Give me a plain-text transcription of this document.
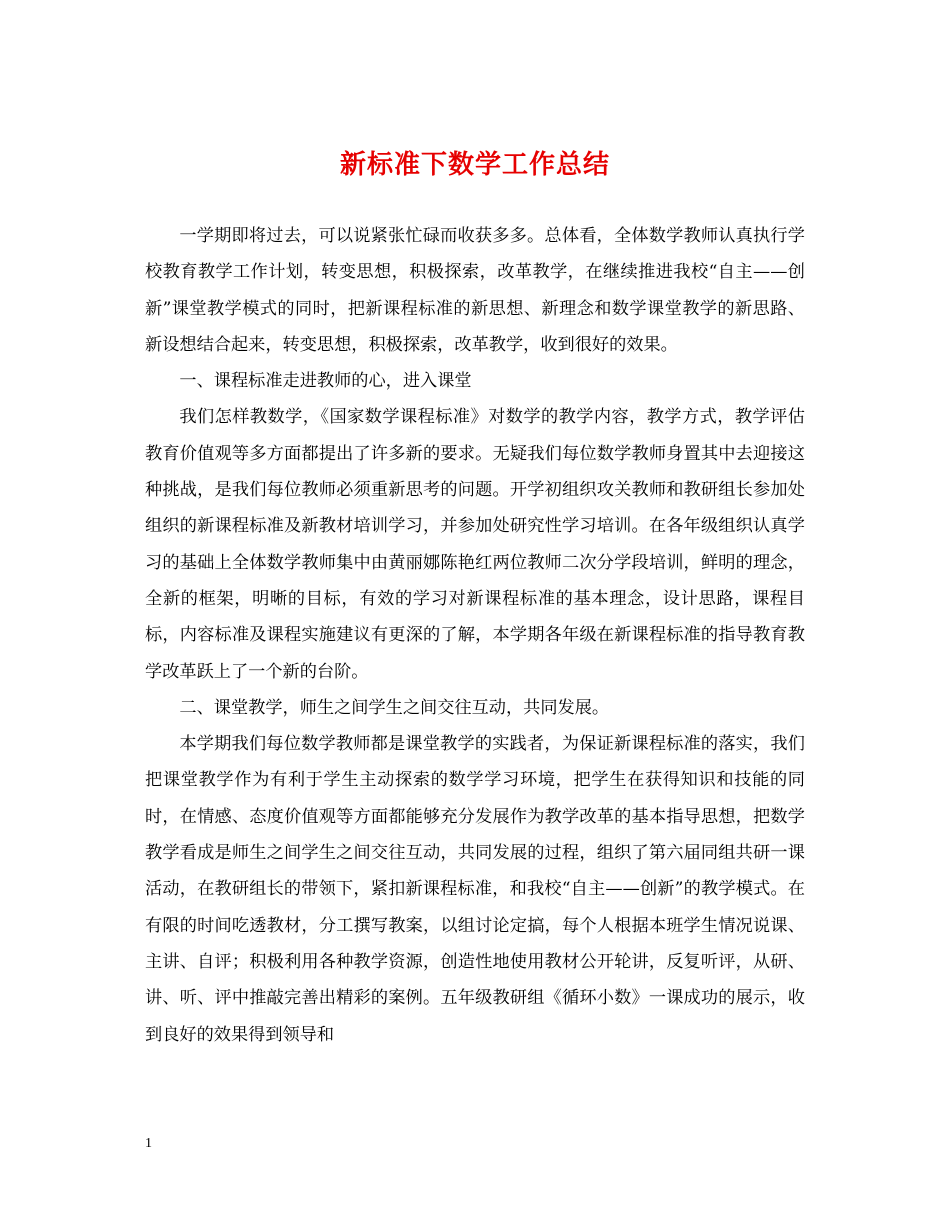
新标准下数学工作总结

一学期即将过去，可以说紧张忙碌而收获多多。总体看，全体数学教师认真执行学校教育教学工作计划，转变思想，积极探索，改革教学，在继续推进我校“自主——创新”课堂教学模式的同时，把新课程标准的新思想、新理念和数学课堂教学的新思路、新设想结合起来，转变思想，积极探索，改革教学，收到很好的效果。

一、课程标准走进教师的心，进入课堂

我们怎样教数学，《国家数学课程标准》对数学的教学内容，教学方式，教学评估教育价值观等多方面都提出了许多新的要求。无疑我们每位数学教师身置其中去迎接这种挑战，是我们每位教师必须重新思考的问题。开学初组织攻关教师和教研组长参加处组织的新课程标准及新教材培训学习，并参加处研究性学习培训。在各年级组织认真学习的基础上全体数学教师集中由黄丽娜陈艳红两位教师二次分学段培训，鲜明的理念，全新的框架，明晰的目标，有效的学习对新课程标准的基本理念，设计思路，课程目标，内容标准及课程实施建议有更深的了解，本学期各年级在新课程标准的指导教育教学改革跃上了一个新的台阶。

二、课堂教学，师生之间学生之间交往互动，共同发展。

本学期我们每位数学教师都是课堂教学的实践者，为保证新课程标准的落实，我们把课堂教学作为有利于学生主动探索的数学学习环境，把学生在获得知识和技能的同时，在情感、态度价值观等方面都能够充分发展作为教学改革的基本指导思想，把数学教学看成是师生之间学生之间交往互动，共同发展的过程，组织了第六届同组共研一课活动，在教研组长的带领下，紧扣新课程标准，和我校“自主——创新”的教学模式。在有限的时间吃透教材，分工撰写教案，以组讨论定搞，每个人根据本班学生情况说课、主讲、自评；积极利用各种教学资源，创造性地使用教材公开轮讲，反复听评，从研、讲、听、评中推敲完善出精彩的案例。五年级教研组《循环小数》一课成功的展示，收到良好的效果得到领导和

1
